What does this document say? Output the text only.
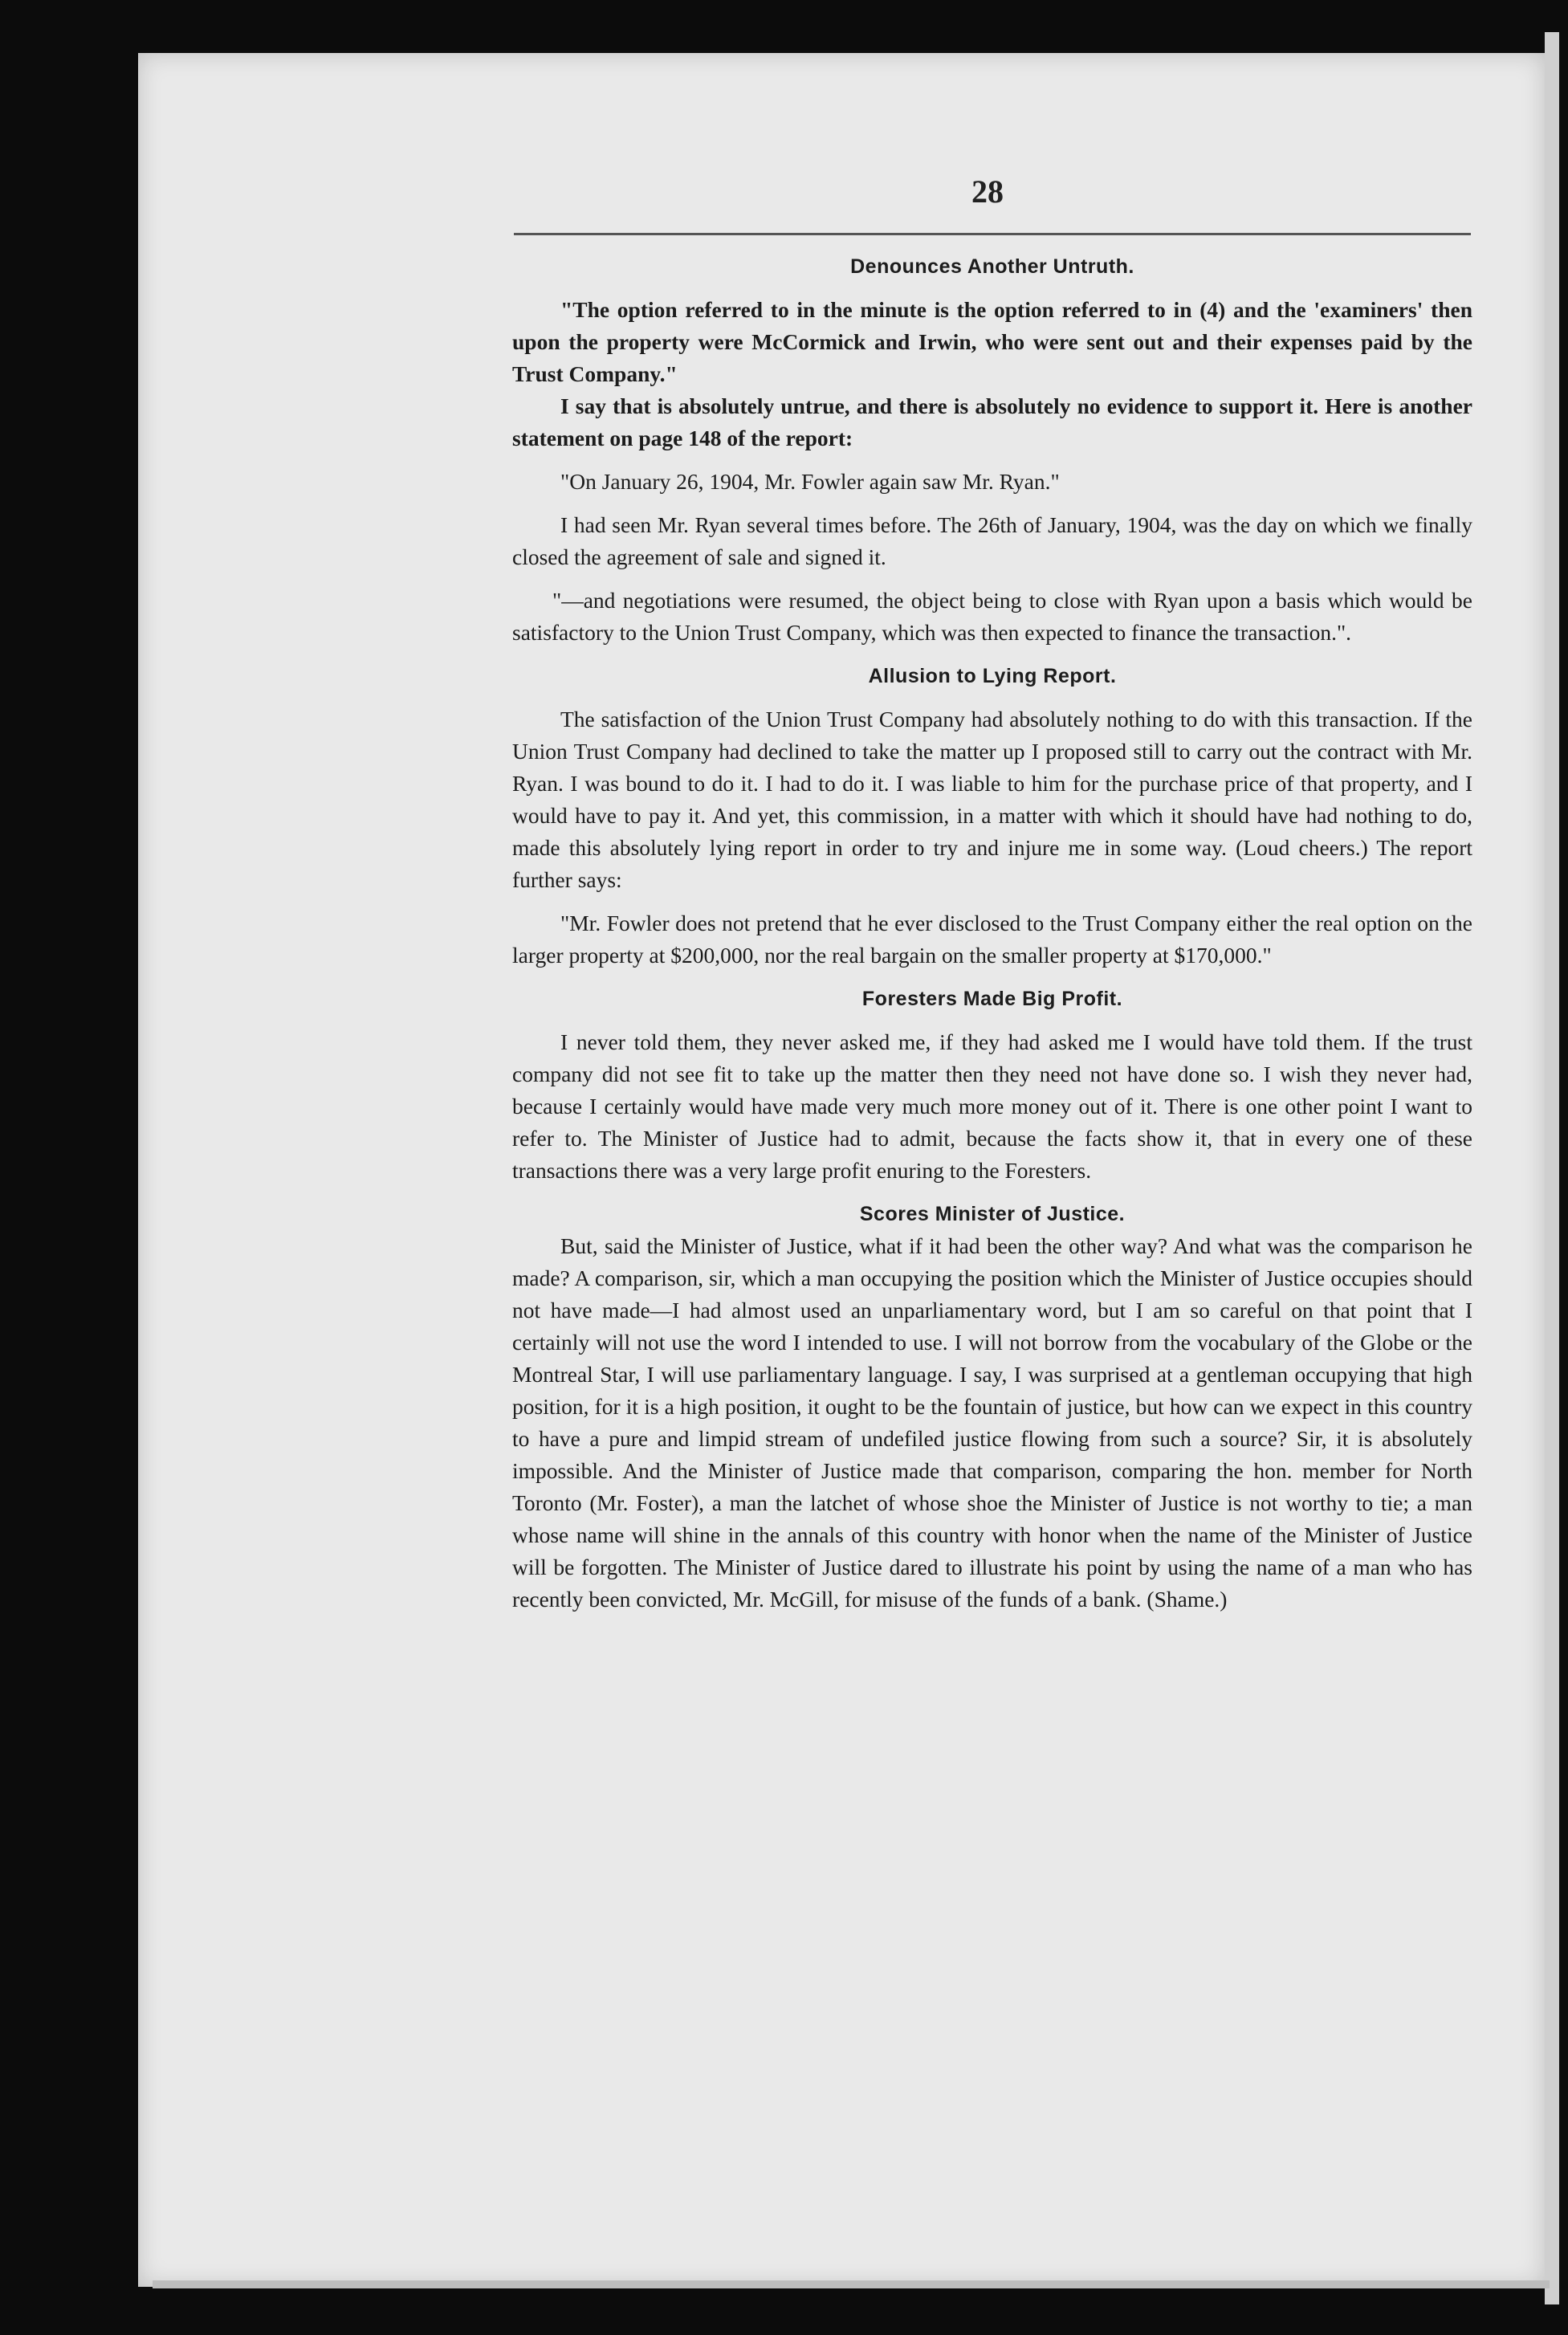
28

Denounces Another Untruth.

"The option referred to in the minute is the option referred to in (4) and the 'examiners' then upon the property were McCormick and Irwin, who were sent out and their expenses paid by the Trust Company."

I say that is absolutely untrue, and there is absolutely no evidence to support it. Here is another statement on page 148 of the report:

"On January 26, 1904, Mr. Fowler again saw Mr. Ryan."

I had seen Mr. Ryan several times before. The 26th of January, 1904, was the day on which we finally closed the agreement of sale and signed it.

"—and negotiations were resumed, the object being to close with Ryan upon a basis which would be satisfactory to the Union Trust Company, which was then expected to finance the transaction.".

Allusion to Lying Report.

The satisfaction of the Union Trust Company had absolutely nothing to do with this transaction. If the Union Trust Company had declined to take the matter up I proposed still to carry out the contract with Mr. Ryan. I was bound to do it. I had to do it. I was liable to him for the purchase price of that property, and I would have to pay it. And yet, this commission, in a matter with which it should have had nothing to do, made this absolutely lying report in order to try and injure me in some way. (Loud cheers.) The report further says:

"Mr. Fowler does not pretend that he ever disclosed to the Trust Company either the real option on the larger property at $200,000, nor the real bargain on the smaller property at $170,000."

Foresters Made Big Profit.

I never told them, they never asked me, if they had asked me I would have told them. If the trust company did not see fit to take up the matter then they need not have done so. I wish they never had, because I certainly would have made very much more money out of it. There is one other point I want to refer to. The Minister of Justice had to admit, because the facts show it, that in every one of these transactions there was a very large profit enuring to the Foresters.

Scores Minister of Justice.

But, said the Minister of Justice, what if it had been the other way? And what was the comparison he made? A comparison, sir, which a man occupying the position which the Minister of Justice occupies should not have made—I had almost used an unparliamentary word, but I am so careful on that point that I certainly will not use the word I intended to use. I will not borrow from the vocabulary of the Globe or the Montreal Star, I will use parliamentary language. I say, I was surprised at a gentleman occupying that high position, for it is a high position, it ought to be the fountain of justice, but how can we expect in this country to have a pure and limpid stream of undefiled justice flowing from such a source? Sir, it is absolutely impossible. And the Minister of Justice made that comparison, comparing the hon. member for North Toronto (Mr. Foster), a man the latchet of whose shoe the Minister of Justice is not worthy to tie; a man whose name will shine in the annals of this country with honor when the name of the Minister of Justice will be forgotten. The Minister of Justice dared to illustrate his point by using the name of a man who has recently been convicted, Mr. McGill, for misuse of the funds of a bank. (Shame.)
